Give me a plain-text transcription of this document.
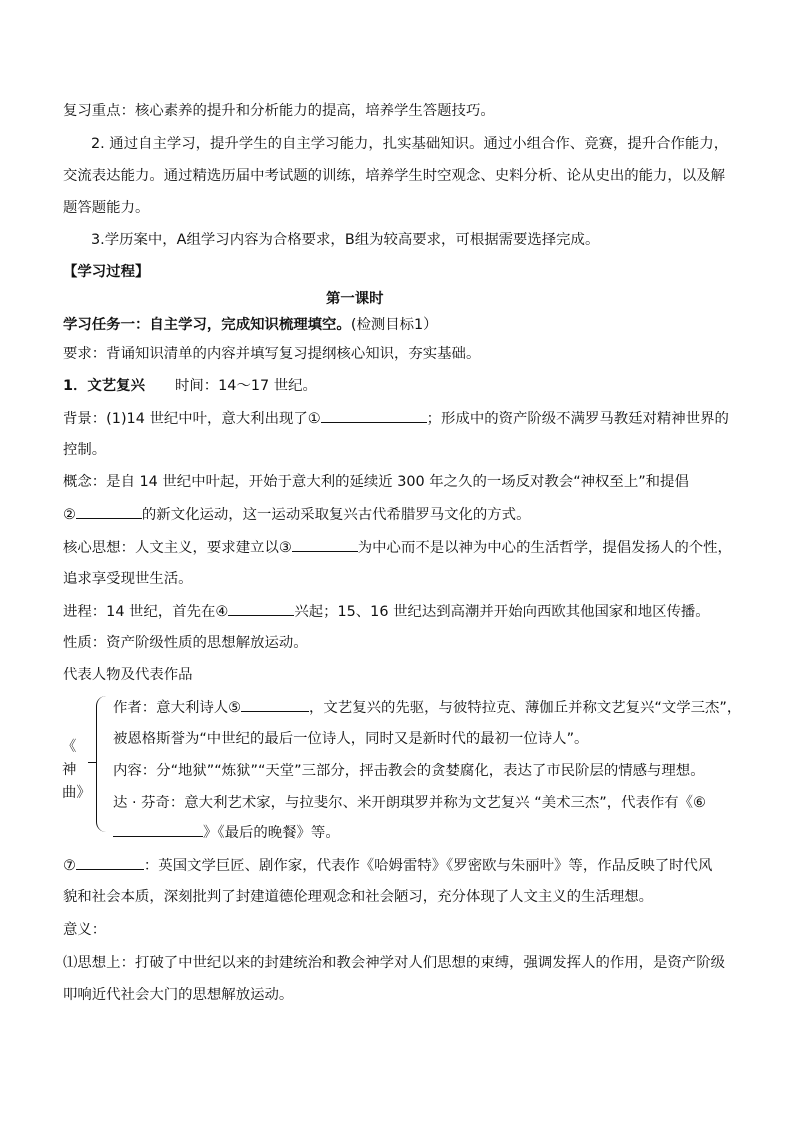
复习重点：核心素养的提升和分析能力的提高，培养学生答题技巧。
2. 通过自主学习，提升学生的自主学习能力，扎实基础知识。通过小组合作、竞赛，提升合作能力，
交流表达能力。通过精选历届中考试题的训练，培养学生时空观念、史料分析、论从史出的能力，以及解
题答题能力。
3.学历案中，A组学习内容为合格要求，B组为较高要求，可根据需要选择完成。
【学习过程】
第一课时
学习任务一：自主学习，完成知识梳理填空。(检测目标1）
要求：背诵知识清单的内容并填写复习提纲核心知识，夯实基础。
1．文艺复兴 时间：14～17 世纪。
背景：(1)14 世纪中叶，意大利出现了①	；形成中的资产阶级不满罗马教廷对精神世界的
控制。
概念：是自 14 世纪中叶起，开始于意大利的延续近 300 年之久的一场反对教会“神权至上”和提倡
②	的新文化运动，这一运动采取复兴古代希腊罗马文化的方式。
核心思想：人文主义，要求建立以③	为中心而不是以神为中心的生活哲学，提倡发扬人的个性，
追求享受现世生活。
进程：14 世纪，首先在④	兴起；15、16 世纪达到高潮并开始向西欧其他国家和地区传播。
性质：资产阶级性质的思想解放运动。
代表人物及代表作品
《
神
曲》
作者：意大利诗人⑤	，文艺复兴的先驱，与彼特拉克、薄伽丘并称文艺复兴“文学三杰”，
被恩格斯誉为“中世纪的最后一位诗人，同时又是新时代的最初一位诗人”。
内容：分“地狱”“炼狱”“天堂”三部分，抨击教会的贪婪腐化，表达了市民阶层的情感与理想。
达 · 芬奇：意大利艺术家，与拉斐尔、米开朗琪罗并称为文艺复兴 “美术三杰”，代表作有《⑥
》《最后的晚餐》等。
⑦	：英国文学巨匠、剧作家，代表作《哈姆雷特》《罗密欧与朱丽叶》等，作品反映了时代风
貌和社会本质，深刻批判了封建道德伦理观念和社会陋习，充分体现了人文主义的生活理想。
意义：
⑴思想上：打破了中世纪以来的封建统治和教会神学对人们思想的束缚，强调发挥人的作用，是资产阶级
叩响近代社会大门的思想解放运动。
